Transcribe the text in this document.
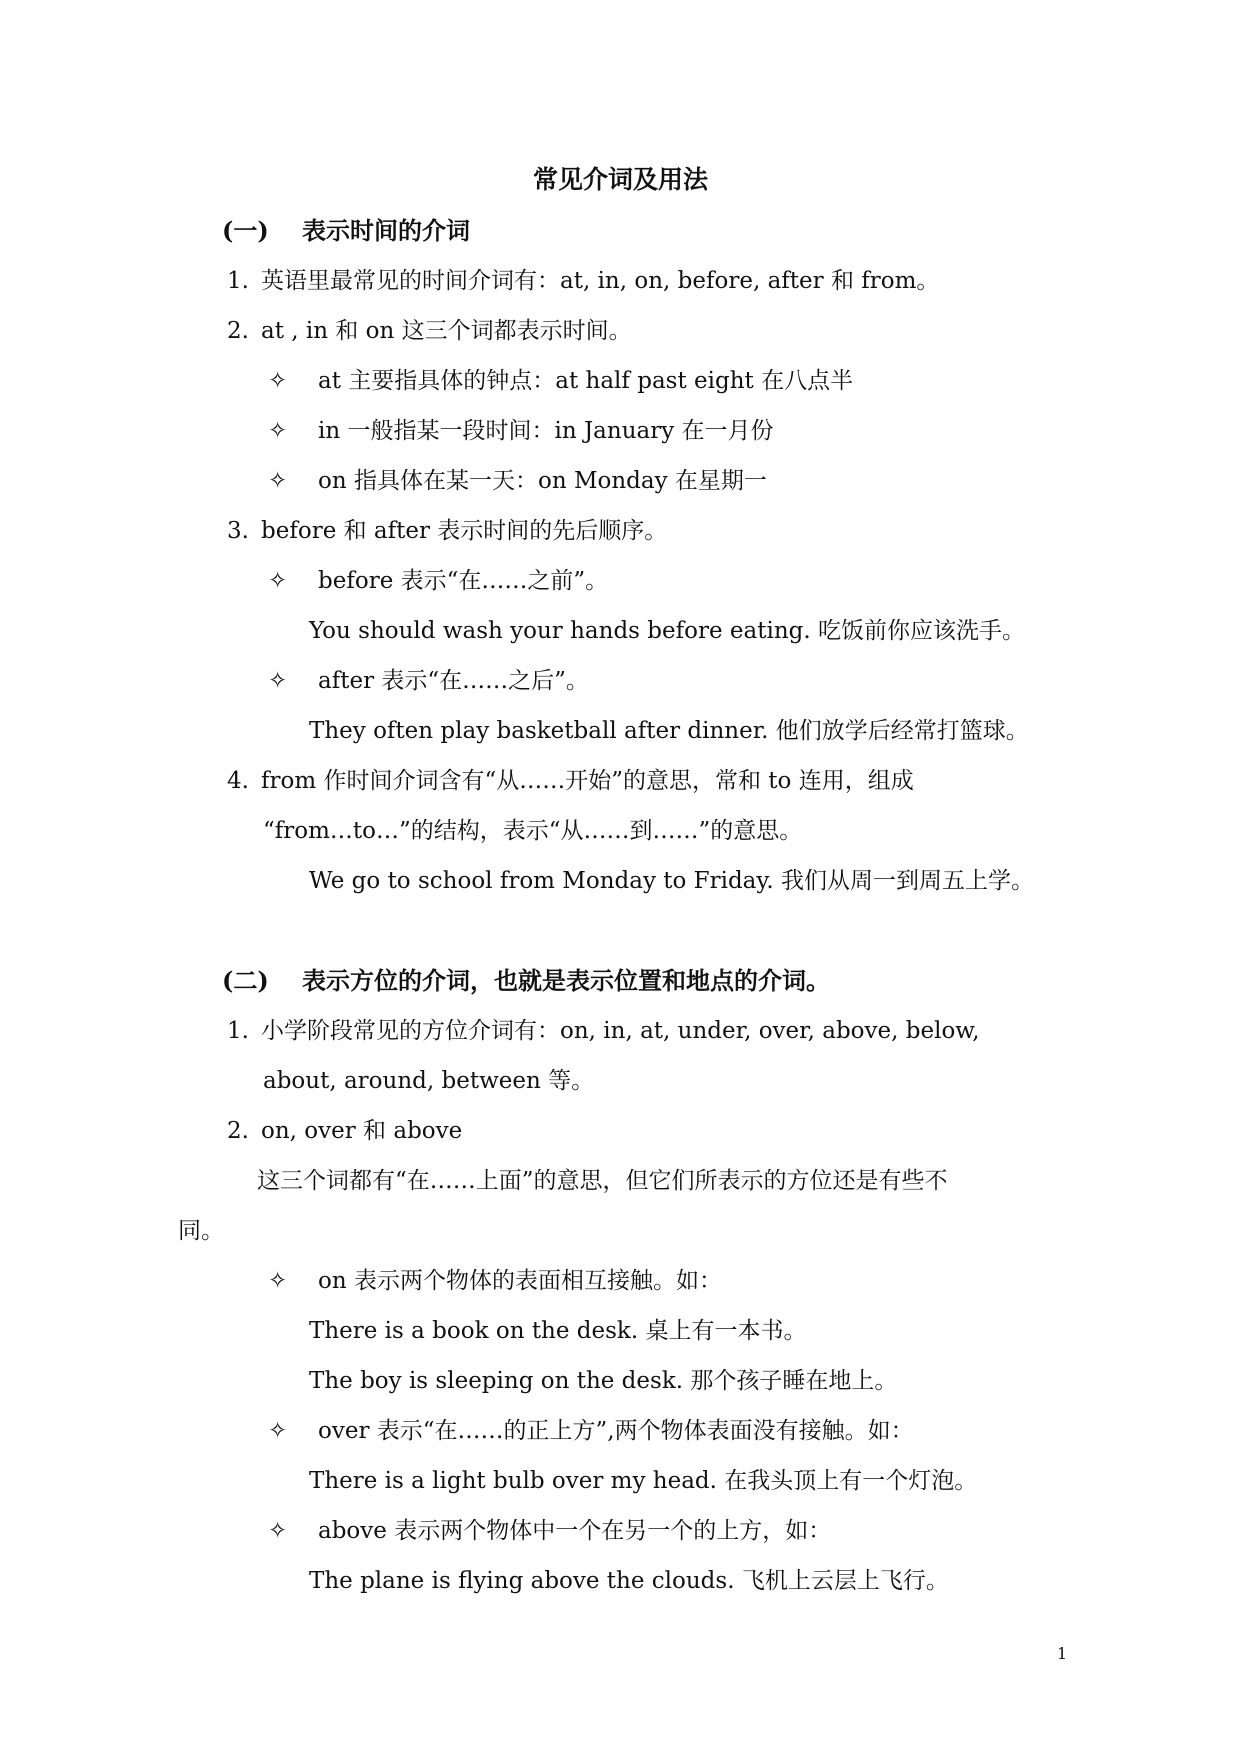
常见介词及用法
(一) 表示时间的介词
1. 英语里最常见的时间介词有：at, in, on, before, after 和 from。
2. at , in 和 on 这三个词都表示时间。
✧ at 主要指具体的钟点：at half past eight 在八点半
✧ in 一般指某一段时间：in January 在一月份
✧ on 指具体在某一天：on Monday 在星期一
3. before 和 after 表示时间的先后顺序。
✧ before 表示“在……之前”。
You should wash your hands before eating. 吃饭前你应该洗手。
✧ after 表示“在……之后”。
They often play basketball after dinner. 他们放学后经常打篮球。
4. from 作时间介词含有“从……开始”的意思，常和 to 连用，组成
“from…to…”的结构，表示“从……到……”的意思。
We go to school from Monday to Friday. 我们从周一到周五上学。
(二) 表示方位的介词，也就是表示位置和地点的介词。
1. 小学阶段常见的方位介词有：on, in, at, under, over, above, below,
about, around, between 等。
2. on, over 和 above
这三个词都有“在……上面”的意思，但它们所表示的方位还是有些不
同。
✧ on 表示两个物体的表面相互接触。如：
There is a book on the desk. 桌上有一本书。
The boy is sleeping on the desk. 那个孩子睡在地上。
✧ over 表示“在……的正上方”,两个物体表面没有接触。如：
There is a light bulb over my head. 在我头顶上有一个灯泡。
✧ above 表示两个物体中一个在另一个的上方，如：
The plane is flying above the clouds. 飞机上云层上飞行。
1
